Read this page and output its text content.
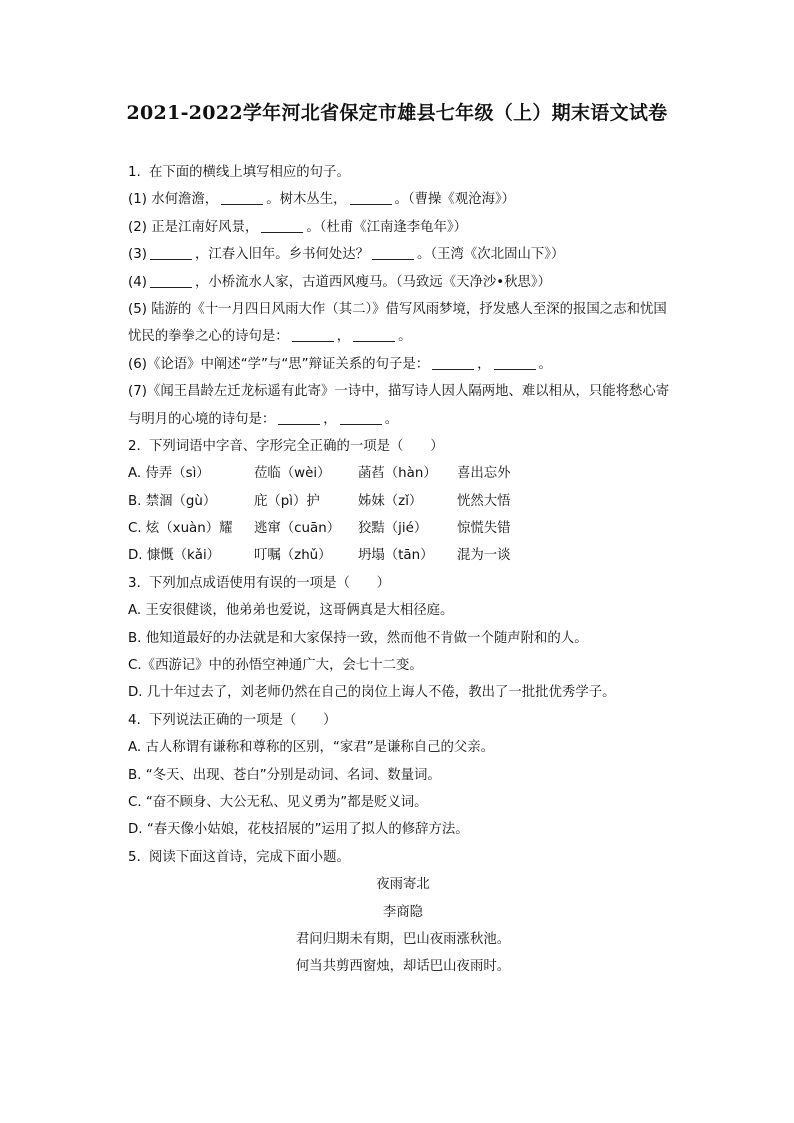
2021-2022学年河北省保定市雄县七年级（上）期末语文试卷
1. 在下面的横线上填写相应的句子。
(1) 水何澹澹，	。树木丛生，	。（曹操《观沧海》）
(2) 正是江南好风景，	。（杜甫《江南逢李龟年》）
(3)	，江春入旧年。乡书何处达？	。（王湾《次北固山下》）
(4)	，小桥流水人家，古道西风瘦马。（马致远《天净沙•秋思》）
(5) 陆游的《十一月四日风雨大作（其二）》借写风雨梦境，抒发感人至深的报国之志和忧国
忧民的拳拳之心的诗句是：	，	。
(6)《论语》中阐述“学”与“思”辩证关系的句子是：	，	。
(7)《闻王昌龄左迁龙标遥有此寄》一诗中，描写诗人因人隔两地、难以相从，只能将愁心寄
与明月的心境的诗句是：	，	。
2. 下列词语中字音、字形完全正确的一项是（　　）
A. 侍弄（sì）	莅临（wèi）	菡萏（hàn）	喜出忘外
B. 禁涸（gù）	庇（pì）护	姊妹（zǐ）	恍然大悟
C. 炫（xuàn）耀	逃窜（cuān）	狡黠（jié）	惊慌失错
D. 慷慨（kǎi）	叮嘱（zhǔ）	坍塌（tān）	混为一谈
3. 下列加点成语使用有误的一项是（　　）
A. 王安很健谈，他弟弟也爱说，这哥俩真是大相径庭。
B. 他知道最好的办法就是和大家保持一致，然而他不肯做一个随声附和的人。
C.《西游记》中的孙悟空神通广大，会七十二变。
D. 几十年过去了，刘老师仍然在自己的岗位上诲人不倦，教出了一批批优秀学子。
4. 下列说法正确的一项是（　　）
A. 古人称谓有谦称和尊称的区别，“家君”是谦称自己的父亲。
B. “冬天、出现、苍白”分别是动词、名词、数量词。
C. “奋不顾身、大公无私、见义勇为”都是贬义词。
D. “春天像小姑娘，花枝招展的”运用了拟人的修辞方法。
5. 阅读下面这首诗，完成下面小题。
夜雨寄北
李商隐
君问归期未有期，巴山夜雨涨秋池。
何当共剪西窗烛，却话巴山夜雨时。
